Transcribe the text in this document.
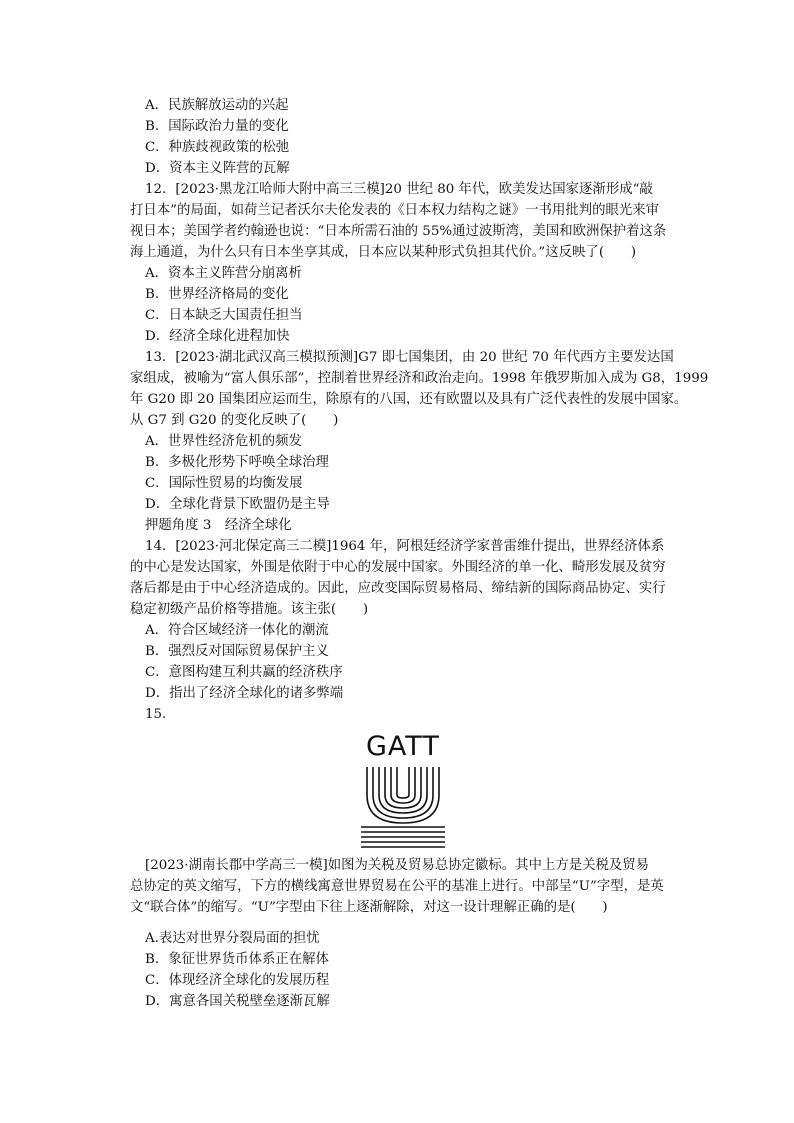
A．民族解放运动的兴起
B．国际政治力量的变化
C．种族歧视政策的松弛
D．资本主义阵营的瓦解
12．[2023·黑龙江哈师大附中高三三模]20 世纪 80 年代，欧美发达国家逐渐形成“敲
打日本”的局面，如荷兰记者沃尔夫伦发表的《日本权力结构之谜》一书用批判的眼光来审
视日本；美国学者约翰逊也说：“日本所需石油的 55%通过波斯湾，美国和欧洲保护着这条
海上通道，为什么只有日本坐享其成，日本应以某种形式负担其代价。”这反映了(　　)
A．资本主义阵营分崩离析
B．世界经济格局的变化
C．日本缺乏大国责任担当
D．经济全球化进程加快
13．[2023·湖北武汉高三模拟预测]G7 即七国集团，由 20 世纪 70 年代西方主要发达国
家组成，被喻为“富人俱乐部”，控制着世界经济和政治走向。1998 年俄罗斯加入成为 G8，1999
年 G20 即 20 国集团应运而生，除原有的八国，还有欧盟以及具有广泛代表性的发展中国家。
从 G7 到 G20 的变化反映了(　　)
A．世界性经济危机的频发
B．多极化形势下呼唤全球治理
C．国际性贸易的均衡发展
D．全球化背景下欧盟仍是主导
押题角度 3　经济全球化
14．[2023·河北保定高三二模]1964 年，阿根廷经济学家普雷维什提出，世界经济体系
的中心是发达国家，外围是依附于中心的发展中国家。外围经济的单一化、畸形发展及贫穷
落后都是由于中心经济造成的。因此，应改变国际贸易格局、缔结新的国际商品协定、实行
稳定初级产品价格等措施。该主张(　　)
A．符合区域经济一体化的潮流
B．强烈反对国际贸易保护主义
C．意图构建互利共赢的经济秩序
D．指出了经济全球化的诸多弊端
15.
GATT
[2023·湖南长郡中学高三一模]如图为关税及贸易总协定徽标。其中上方是关税及贸易
总协定的英文缩写，下方的横线寓意世界贸易在公平的基准上进行。中部呈“U”字型，是英
文“联合体”的缩写。“U”字型由下往上逐渐解除，对这一设计理解正确的是(　　)
A.表达对世界分裂局面的担忧
B．象征世界货币体系正在解体
C．体现经济全球化的发展历程
D．寓意各国关税壁垒逐渐瓦解
